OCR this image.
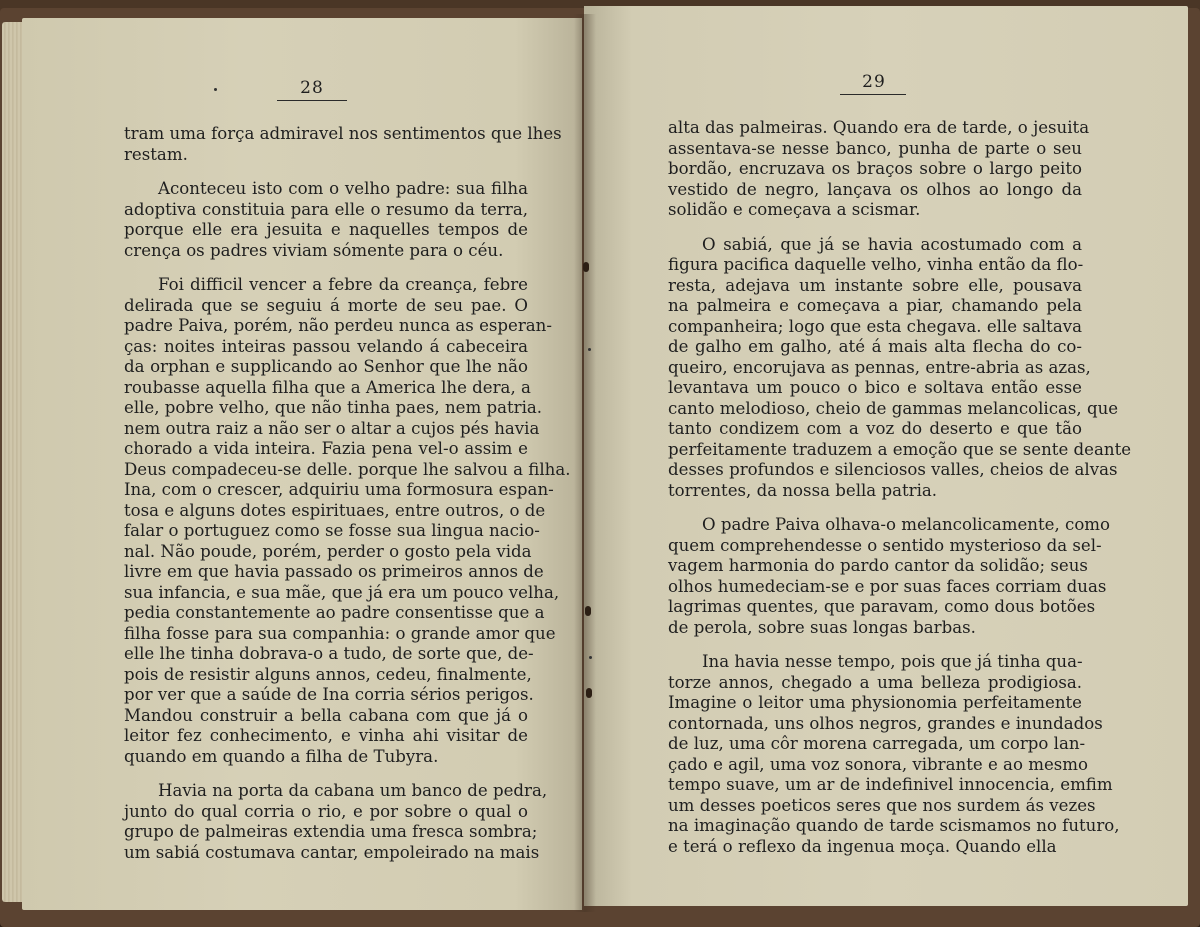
28
tram uma força admiravel nos sentimentos que lhes
restam.
Aconteceu isto com o velho padre: sua filha
adoptiva constituia para elle o resumo da terra,
porque elle era jesuita e naquelles tempos de
crença os padres viviam sómente para o céu.
Foi difficil vencer a febre da creança, febre
delirada que se seguiu á morte de seu pae. O
padre Paiva, porém, não perdeu nunca as esperan-
ças: noites inteiras passou velando á cabeceira
da orphan e supplicando ao Senhor que lhe não
roubasse aquella filha que a America lhe dera, a
elle, pobre velho, que não tinha paes, nem patria.
nem outra raiz a não ser o altar a cujos pés havia
chorado a vida inteira. Fazia pena vel-o assim e
Deus compadeceu-se delle. porque lhe salvou a filha.
Ina, com o crescer, adquiriu uma formosura espan-
tosa e alguns dotes espirituaes, entre outros, o de
falar o portuguez como se fosse sua lingua nacio-
nal. Não poude, porém, perder o gosto pela vida
livre em que havia passado os primeiros annos de
sua infancia, e sua mãe, que já era um pouco velha,
pedia constantemente ao padre consentisse que a
filha fosse para sua companhia: o grande amor que
elle lhe tinha dobrava-o a tudo, de sorte que, de-
pois de resistir alguns annos, cedeu, finalmente,
por ver que a saúde de Ina corria sérios perigos.
Mandou construir a bella cabana com que já o
leitor fez conhecimento, e vinha ahi visitar de
quando em quando a filha de Tubyra.
Havia na porta da cabana um banco de pedra,
junto do qual corria o rio, e por sobre o qual o
grupo de palmeiras extendia uma fresca sombra;
um sabiá costumava cantar, empoleirado na mais
29
alta das palmeiras. Quando era de tarde, o jesuita
assentava-se nesse banco, punha de parte o seu
bordão, encruzava os braços sobre o largo peito
vestido de negro, lançava os olhos ao longo da
solidão e começava a scismar.
O sabiá, que já se havia acostumado com a
figura pacifica daquelle velho, vinha então da flo-
resta, adejava um instante sobre elle, pousava
na palmeira e começava a piar, chamando pela
companheira; logo que esta chegava. elle saltava
de galho em galho, até á mais alta flecha do co-
queiro, encorujava as pennas, entre-abria as azas,
levantava um pouco o bico e soltava então esse
canto melodioso, cheio de gammas melancolicas, que
tanto condizem com a voz do deserto e que tão
perfeitamente traduzem a emoção que se sente deante
desses profundos e silenciosos valles, cheios de alvas
torrentes, da nossa bella patria.
O padre Paiva olhava-o melancolicamente, como
quem comprehendesse o sentido mysterioso da sel-
vagem harmonia do pardo cantor da solidão; seus
olhos humedeciam-se e por suas faces corriam duas
lagrimas quentes, que paravam, como dous botões
de perola, sobre suas longas barbas.
Ina havia nesse tempo, pois que já tinha qua-
torze annos, chegado a uma belleza prodigiosa.
Imagine o leitor uma physionomia perfeitamente
contornada, uns olhos negros, grandes e inundados
de luz, uma côr morena carregada, um corpo lan-
çado e agil, uma voz sonora, vibrante e ao mesmo
tempo suave, um ar de indefinivel innocencia, emfim
um desses poeticos seres que nos surdem ás vezes
na imaginação quando de tarde scismamos no futuro,
e terá o reflexo da ingenua moça. Quando ella
